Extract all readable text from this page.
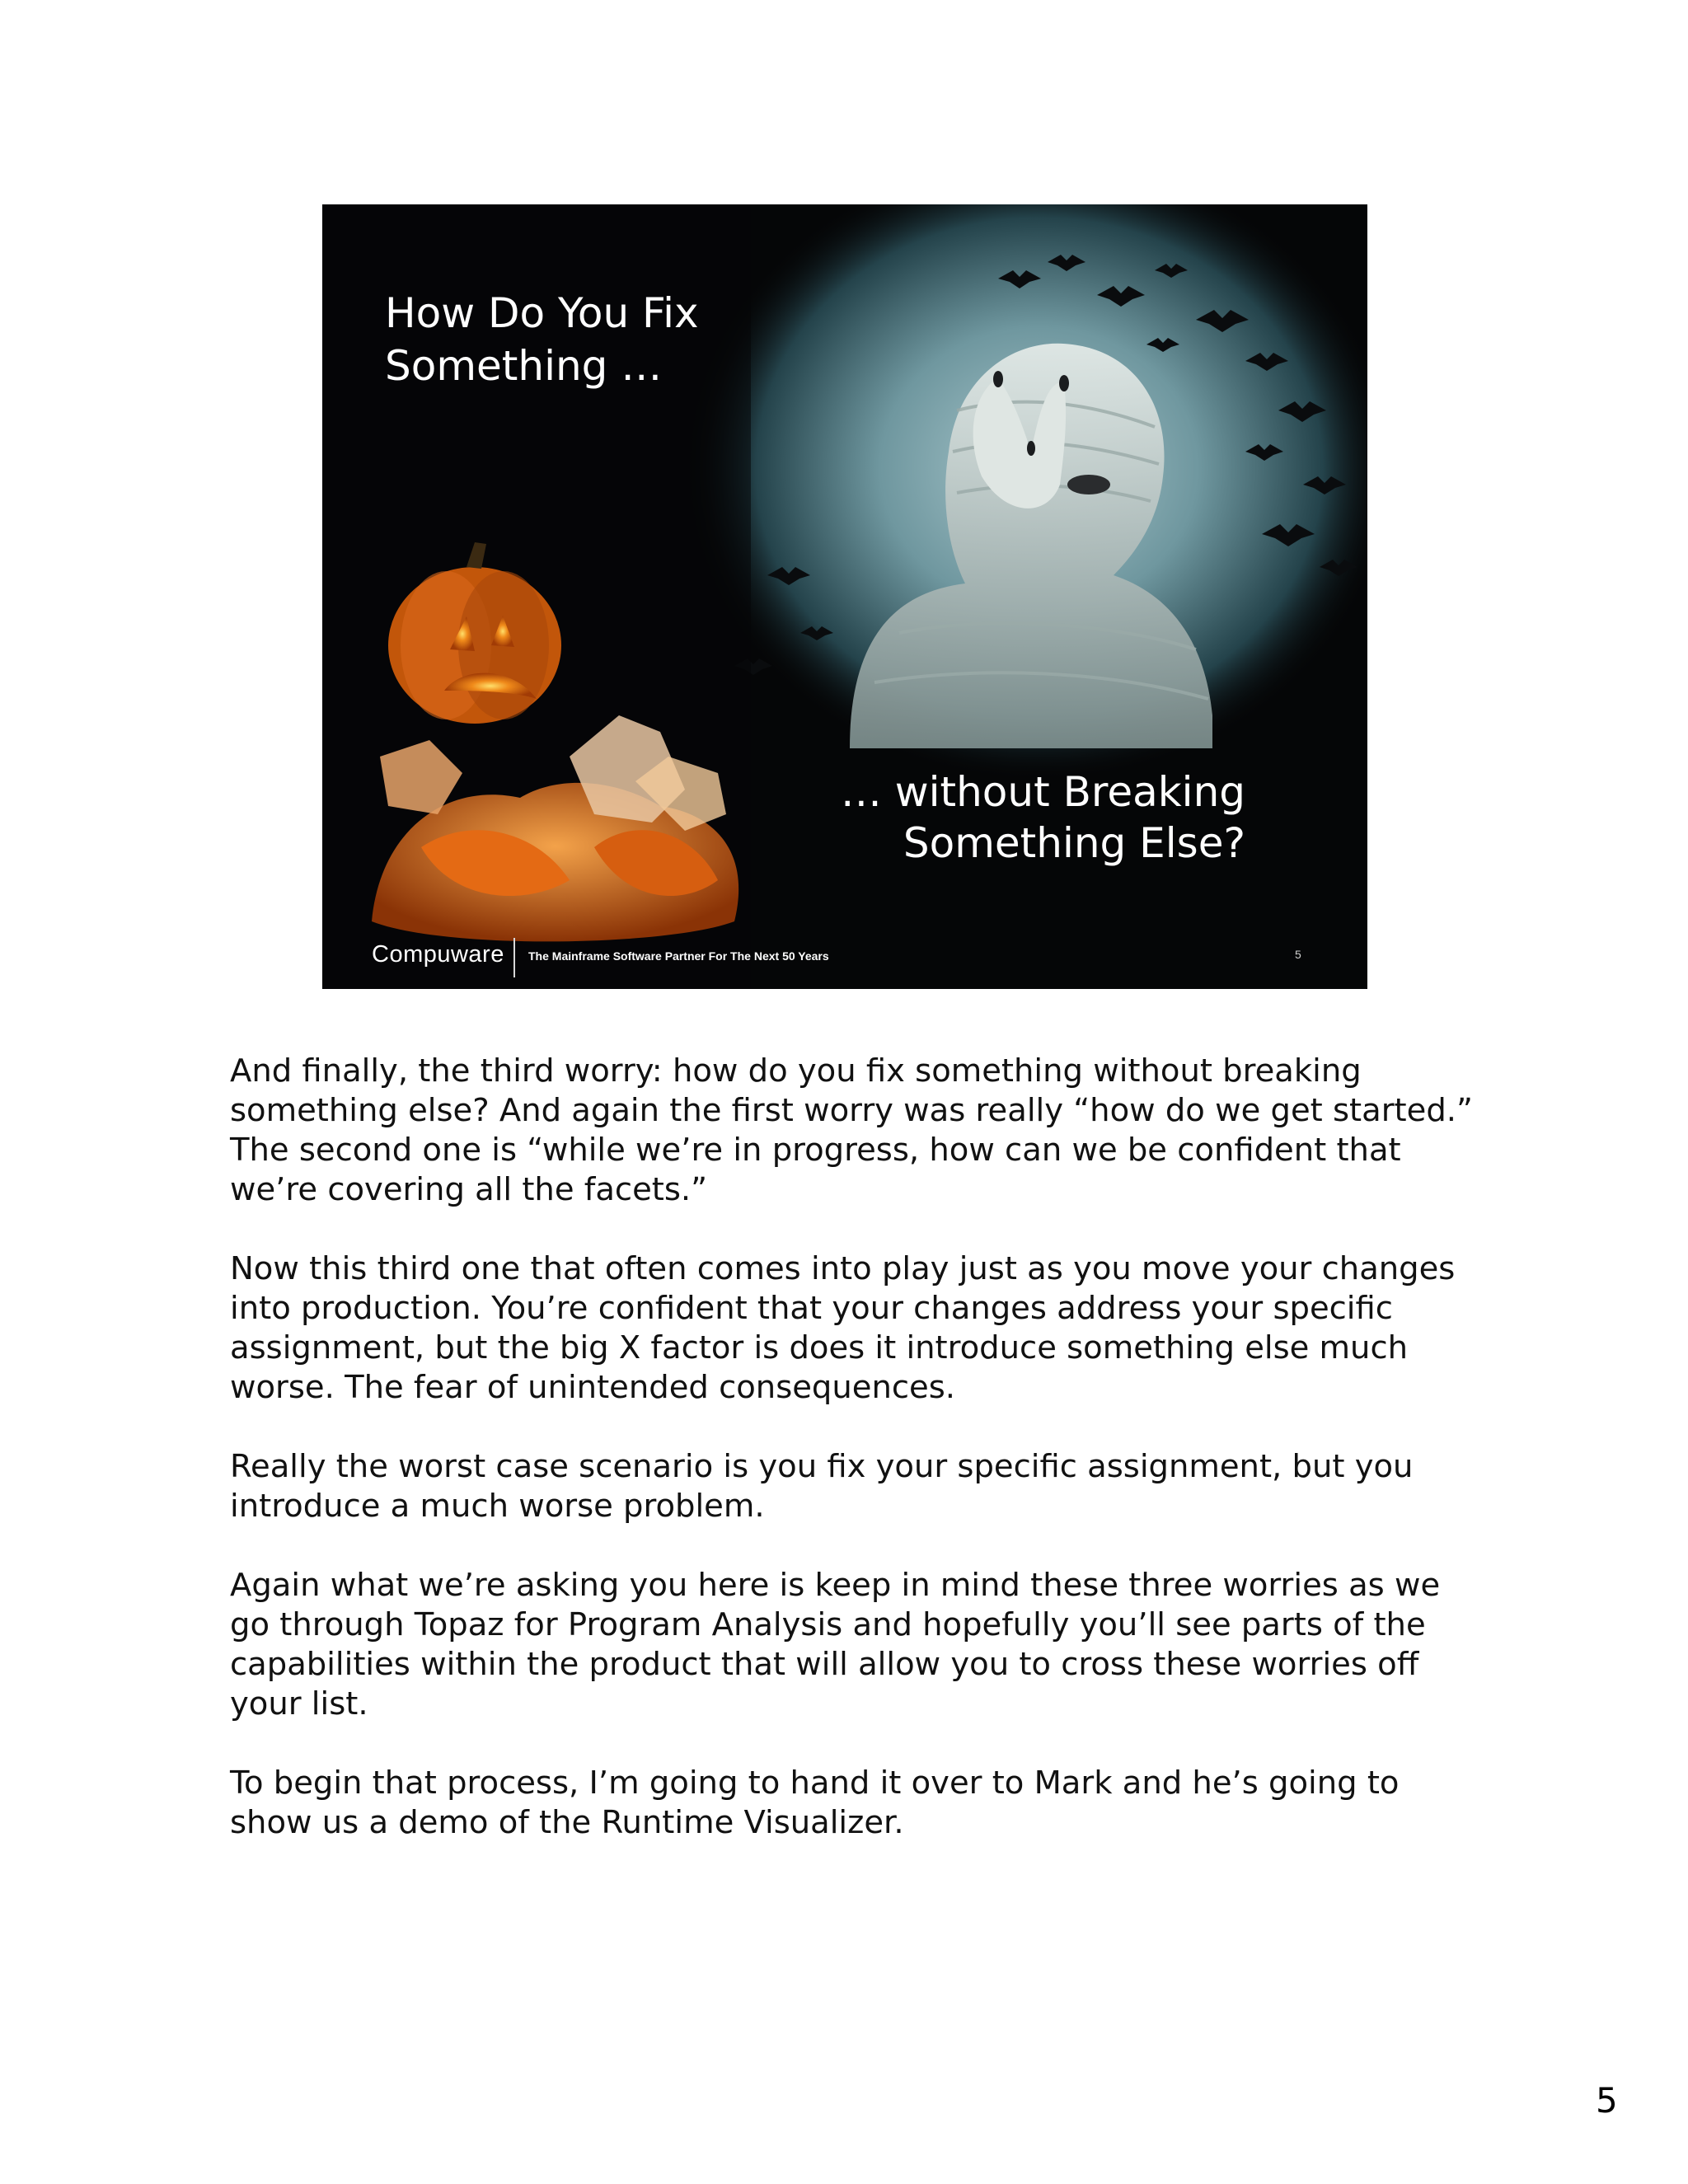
How Do You Fix
Something …

… without Breaking
Something Else?

Compuware The Mainframe Software Partner For The Next 50 Years	5

And finally, the third worry: how do you fix something without breaking something else? And again the first worry was really “how do we get started.” The second one is “while we’re in progress, how can we be confident that we’re covering all the facets.”

Now this third one that often comes into play just as you move your changes into production. You’re confident that your changes address your specific assignment, but the big X factor is does it introduce something else much worse. The fear of unintended consequences.

Really the worst case scenario is you fix your specific assignment, but you introduce a much worse problem.

Again what we’re asking you here is keep in mind these three worries as we go through Topaz for Program Analysis and hopefully you’ll see parts of the capabilities within the product that will allow you to cross these worries off your list.

To begin that process, I’m going to hand it over to Mark and he’s going to show us a demo of the Runtime Visualizer.

5
